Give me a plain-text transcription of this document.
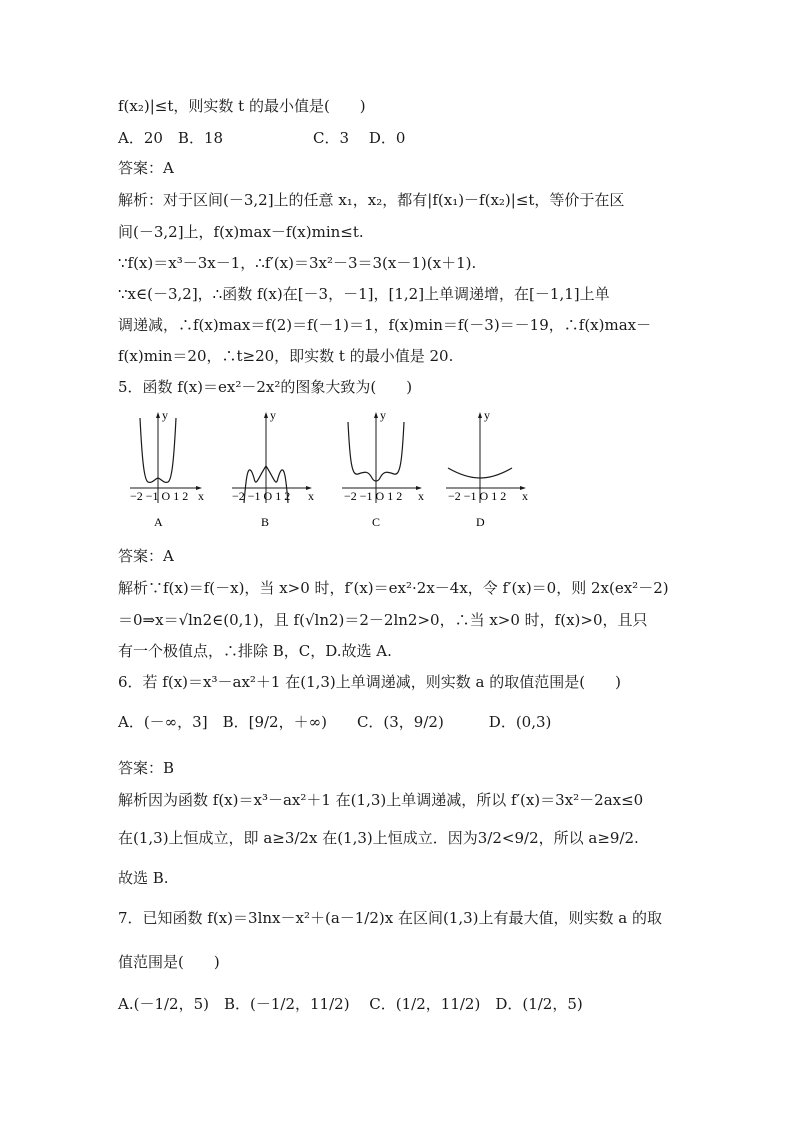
f(x₂)|≤t，则实数 t 的最小值是(　　)
A．20　B．18　　　　　　C．3　 D．0
答案：A
解析：对于区间(－3,2]上的任意 x₁，x₂，都有|f(x₁)－f(x₂)|≤t，等价于在区
间(－3,2]上，f(x)max－f(x)min≤t.
∵f(x)＝x³－3x－1，∴f′(x)＝3x²－3＝3(x－1)(x＋1).
∵x∈(－3,2]，∴函数 f(x)在[－3，－1]，[1,2]上单调递增，在[－1,1]上单
调递减，∴f(x)max＝f(2)＝f(－1)＝1，f(x)min＝f(－3)＝－19，∴f(x)max－
f(x)min＝20，∴t≥20，即实数 t 的最小值是 20.
5．函数 f(x)＝ex²－2x²的图象大致为(　　)
y
x
−2 −1 O 1 2
A
y
x
−2 −1 O 1 2
B
y
x
−2 −1 O 1 2
C
y
x
−2 −1 O 1 2
D
答案：A
解析∵f(x)＝f(－x)，当 x>0 时，f′(x)＝ex²·2x－4x，令 f′(x)＝0，则 2x(ex²－2)
＝0⇒x＝√ln2∈(0,1)，且 f(√ln2)＝2－2ln2>0，∴当 x>0 时，f(x)>0，且只
有一个极值点，∴排除 B，C，D.故选 A.
6．若 f(x)＝x³－ax²＋1 在(1,3)上单调递减，则实数 a 的取值范围是(　　)
A．(－∞，3]　B．[9/2，＋∞)　　C．(3，9/2)　　　D．(0,3)
答案：B
解析因为函数 f(x)＝x³－ax²＋1 在(1,3)上单调递减，所以 f′(x)＝3x²－2ax≤0
在(1,3)上恒成立，即 a≥3/2x 在(1,3)上恒成立．因为3/2<9/2，所以 a≥9/2.
故选 B.
7．已知函数 f(x)＝3lnx－x²＋(a－1/2)x 在区间(1,3)上有最大值，则实数 a 的取
值范围是(　　)
A.(－1/2，5)　B．(－1/2，11/2)　 C．(1/2，11/2)　D．(1/2，5)
